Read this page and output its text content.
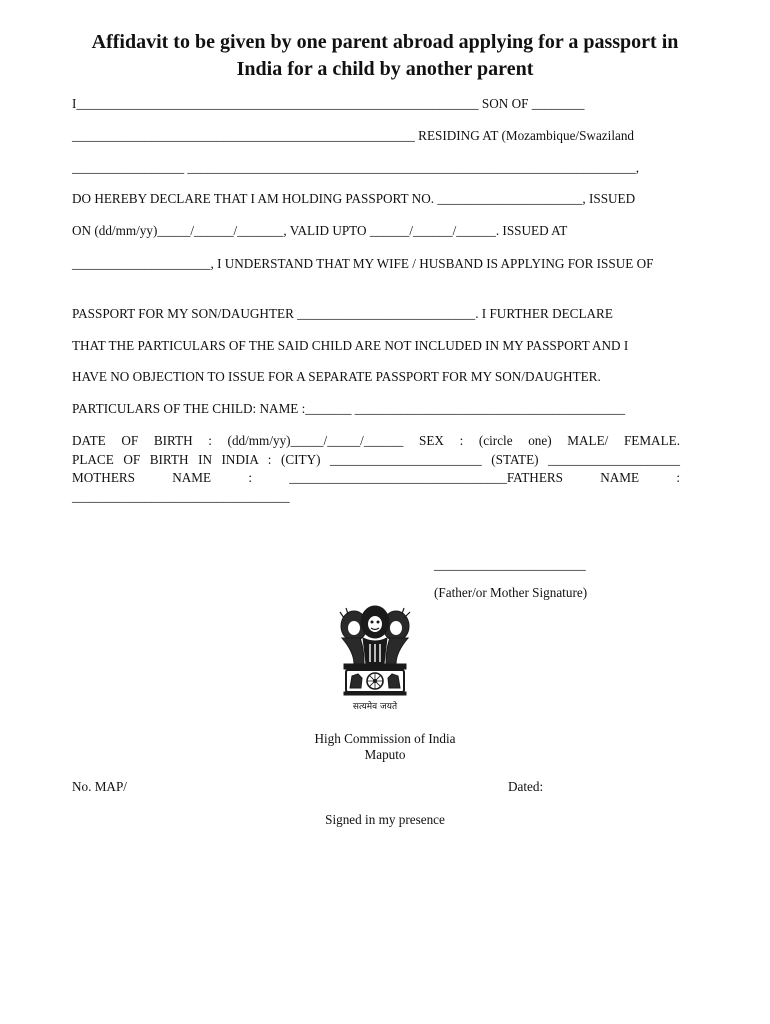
Affidavit to be given by one parent abroad applying for a passport in
India for a child by another parent
I_____________________________________________________________ SON OF ________
____________________________________________________ RESIDING AT (Mozambique/Swaziland
_________________ ____________________________________________________________________,
DO HEREBY DECLARE THAT I AM HOLDING PASSPORT NO. ______________________, ISSUED
ON (dd/mm/yy)_____/______/_______, VALID UPTO ______/______/______. ISSUED AT
_____________________, I UNDERSTAND THAT MY WIFE / HUSBAND IS APPLYING FOR ISSUE OF
PASSPORT FOR MY SON/DAUGHTER ___________________________. I FURTHER DECLARE
THAT THE PARTICULARS OF THE SAID CHILD ARE NOT INCLUDED IN MY PASSPORT AND I
HAVE NO OBJECTION TO ISSUE FOR A SEPARATE PASSPORT FOR MY SON/DAUGHTER.
PARTICULARS OF THE CHILD: NAME :_______ _________________________________________
DATE OF BIRTH : (dd/mm/yy)_____/_____/______ SEX : (circle one) MALE/ FEMALE.
PLACE OF BIRTH IN INDIA : (CITY) _______________________ (STATE) ____________________
MOTHERS NAME : _________________________________FATHERS NAME :
_________________________________
_______________________
(Father/or Mother Signature)
सत्यमेव जयते
High Commission of India
Maputo
No. MAP/	Dated:
Signed in my presence
